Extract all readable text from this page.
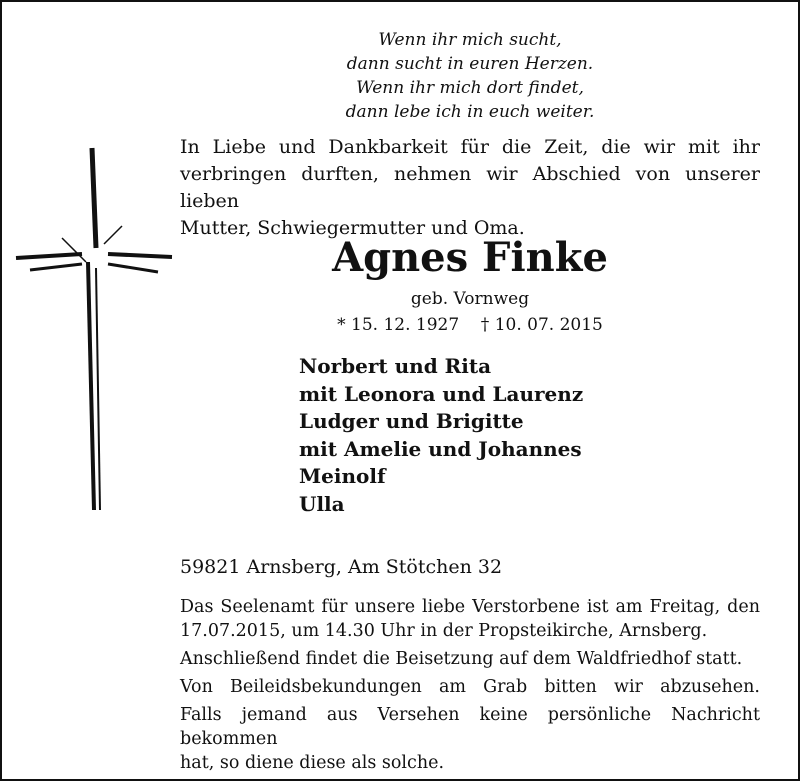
Wenn ihr mich sucht,
dann sucht in euren Herzen.
Wenn ihr mich dort findet,
dann lebe ich in euch weiter.
In Liebe und Dankbarkeit für die Zeit, die wir mit ihr
verbringen durften, nehmen wir Abschied von unserer lieben
Mutter, Schwiegermutter und Oma.
Agnes Finke
geb. Vornweg
* 15. 12. 1927    † 10. 07. 2015
Norbert und Rita
mit Leonora und Laurenz
Ludger und Brigitte
mit Amelie und Johannes
Meinolf
Ulla
59821 Arnsberg, Am Stötchen 32

Das Seelenamt für unsere liebe Verstorbene ist am Freitag, den
17.07.2015, um 14.30 Uhr in der Propsteikirche, Arnsberg.

Anschließend findet die Beisetzung auf dem Waldfriedhof statt.

Von Beileidsbekundungen am Grab bitten wir abzusehen.

Falls jemand aus Versehen keine persönliche Nachricht bekommen
hat, so diene diese als solche.
